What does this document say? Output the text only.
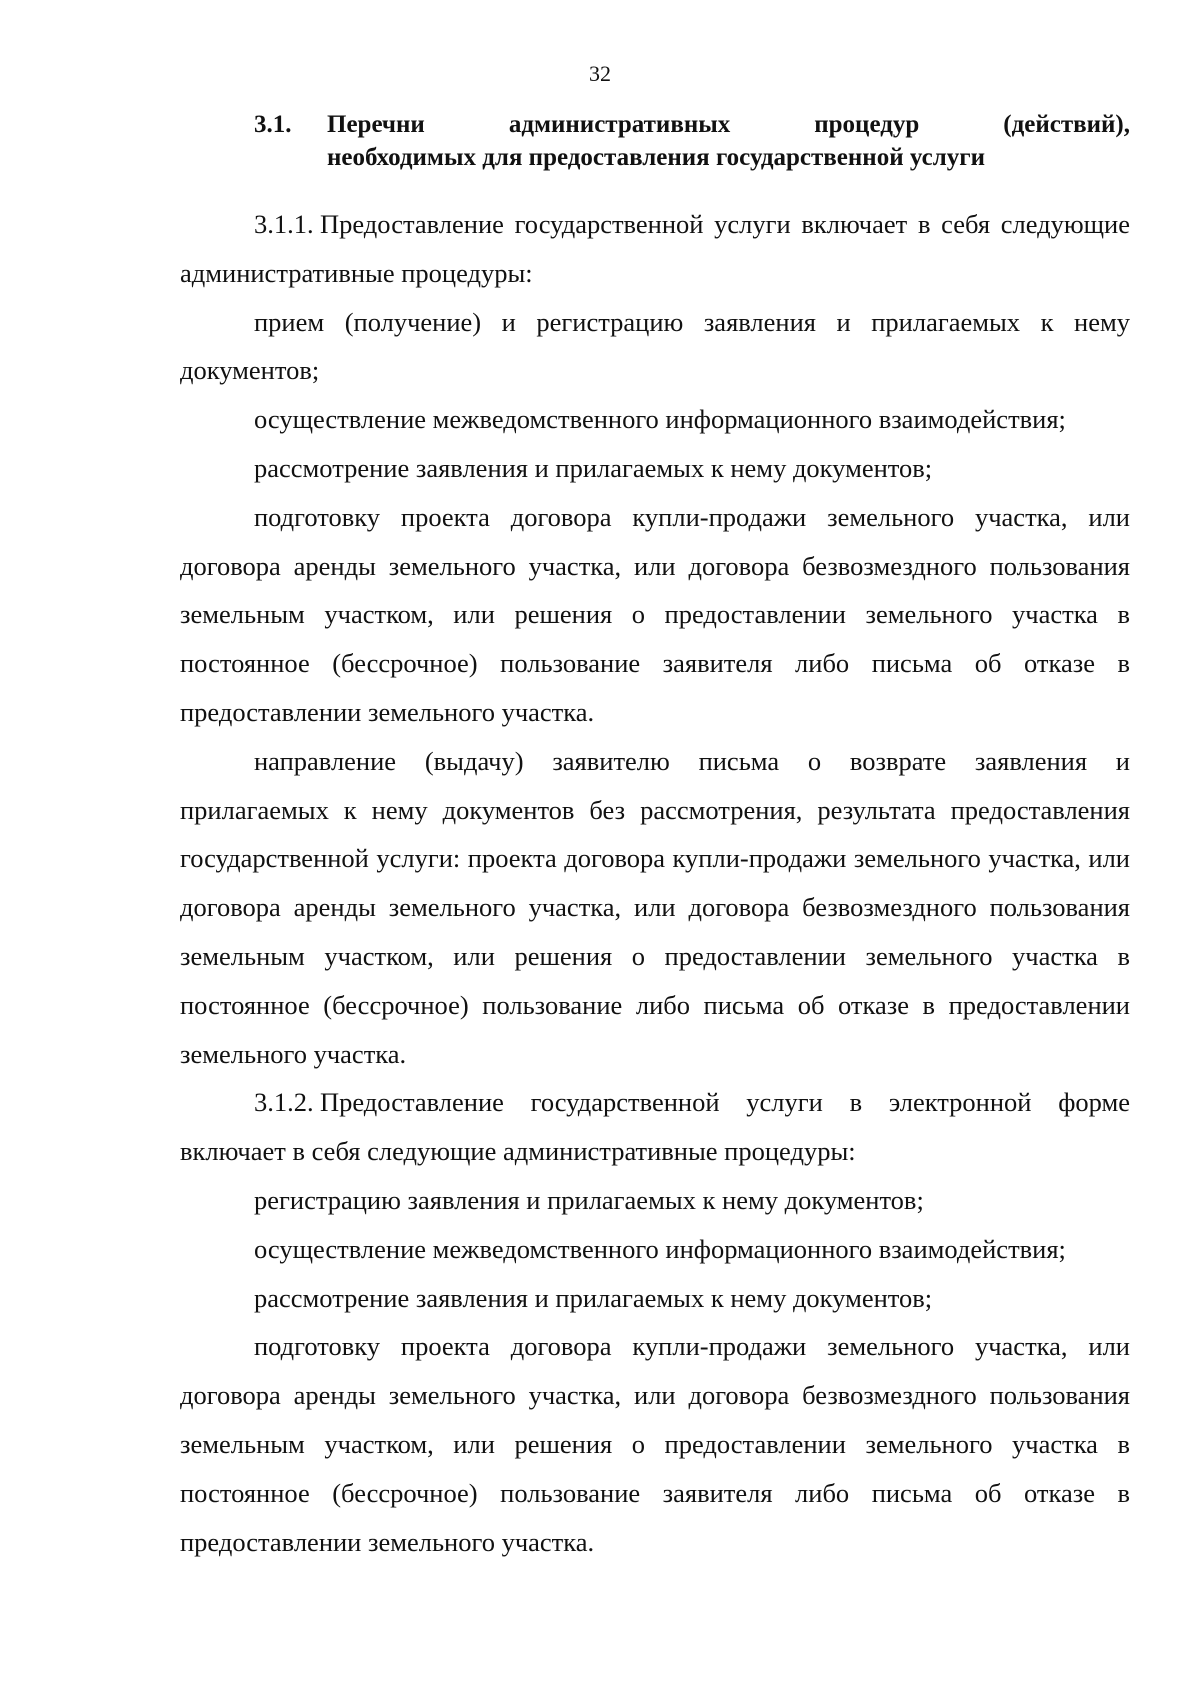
32
3.1.	Перечни	административных	процедур	(действий),
необходимых для предоставления государственной услуги

3.1.1. Предоставление государственной услуги включает в себя следующие административные процедуры:

прием (получение) и регистрацию заявления и прилагаемых к нему документов;

осуществление межведомственного информационного взаимодействия;

рассмотрение заявления и прилагаемых к нему документов;

подготовку проекта договора купли-продажи земельного участка, или договора аренды земельного участка, или договора безвозмездного пользования земельным участком, или решения о предоставлении земельного участка в постоянное (бессрочное) пользование заявителя либо письма об отказе в предоставлении земельного участка.

направление (выдачу) заявителю письма о возврате заявления и прилагаемых к нему документов без рассмотрения, результата предоставления государственной услуги: проекта договора купли-продажи земельного участка, или договора аренды земельного участка, или договора безвозмездного пользования земельным участком, или решения о предоставлении земельного участка в постоянное (бессрочное) пользование либо письма об отказе в предоставлении земельного участка.

3.1.2. Предоставление государственной услуги в электронной форме включает в себя следующие административные процедуры:

регистрацию заявления и прилагаемых к нему документов;

осуществление межведомственного информационного взаимодействия;

рассмотрение заявления и прилагаемых к нему документов;

подготовку проекта договора купли-продажи земельного участка, или договора аренды земельного участка, или договора безвозмездного пользования земельным участком, или решения о предоставлении земельного участка в постоянное (бессрочное) пользование заявителя либо письма об отказе в предоставлении земельного участка.
